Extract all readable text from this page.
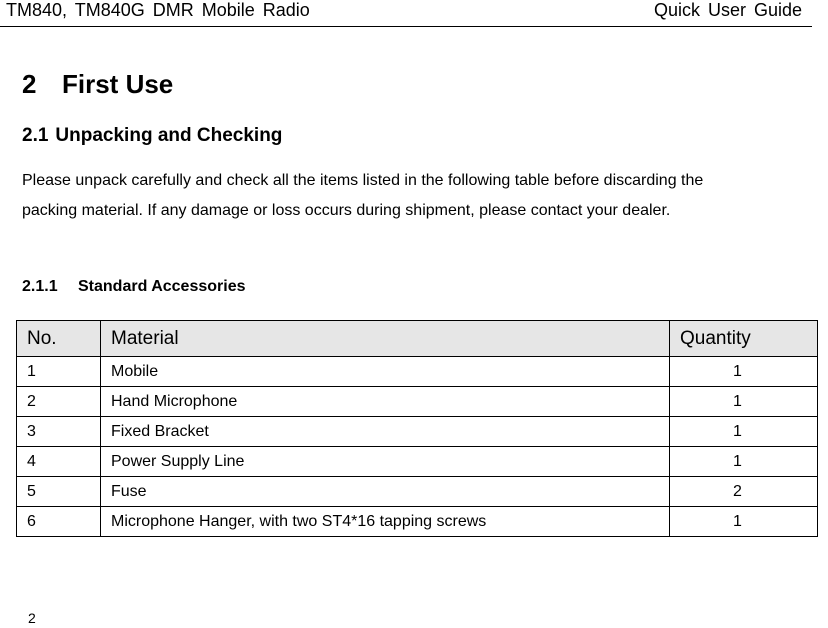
TM840, TM840G DMR Mobile Radio	Quick User Guide
2 First Use
2.1 Unpacking and Checking

Please unpack carefully and check all the items listed in the following table before discarding the

packing material. If any damage or loss occurs during shipment, please contact your dealer.

2.1.1 Standard Accessories
No.	Material	Quantity
1	Mobile	1
2	Hand Microphone	1
3	Fixed Bracket	1
4	Power Supply Line	1
5	Fuse	2
6	Microphone Hanger, with two ST4*16 tapping screws	1
2
